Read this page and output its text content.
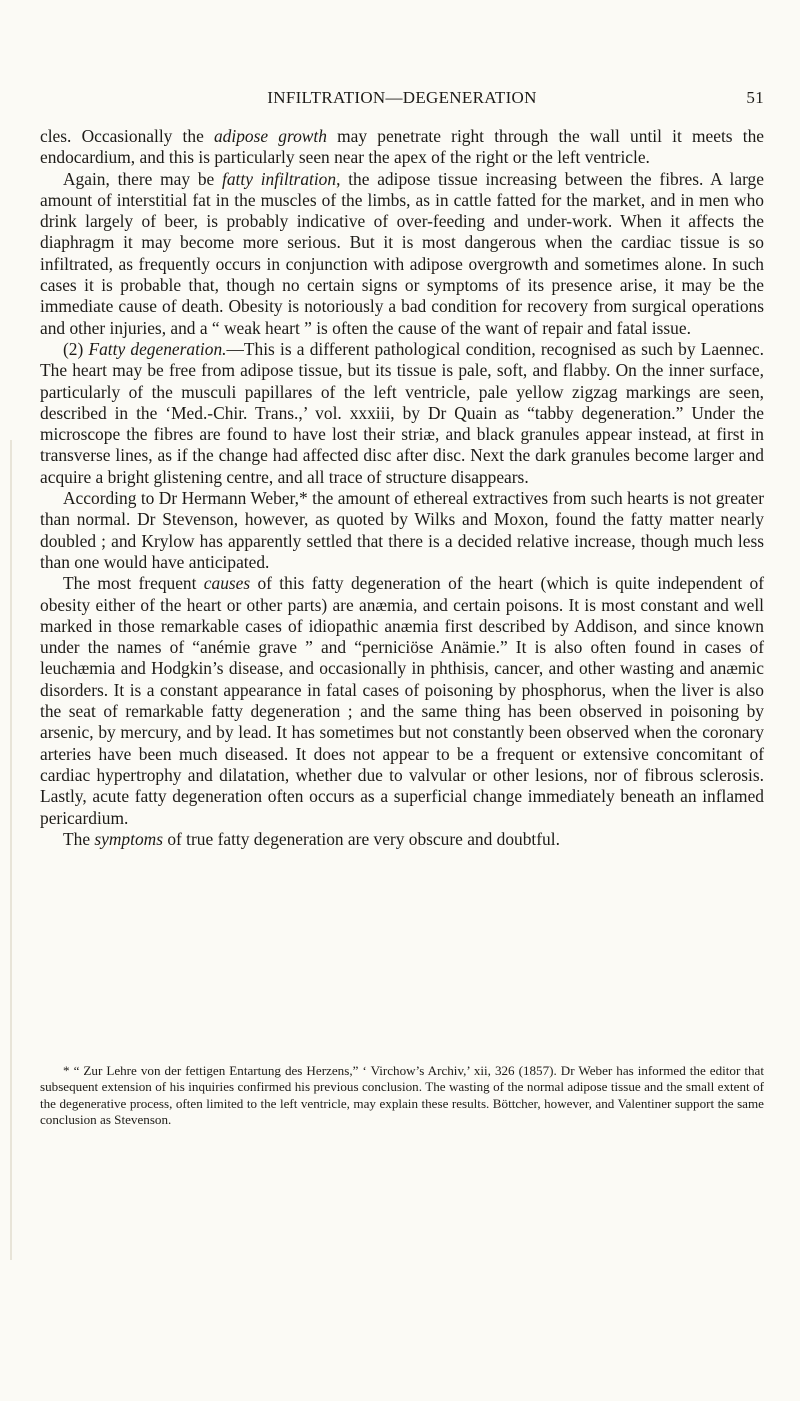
INFILTRATION—DEGENERATION	51

cles. Occasionally the adipose growth may penetrate right through the wall until it meets the endocardium, and this is particularly seen near the apex of the right or the left ventricle.

Again, there may be fatty infiltration, the adipose tissue increasing between the fibres. A large amount of interstitial fat in the muscles of the limbs, as in cattle fatted for the market, and in men who drink largely of beer, is probably indicative of over-feeding and under-work. When it affects the diaphragm it may become more serious. But it is most dangerous when the cardiac tissue is so infiltrated, as frequently occurs in conjunction with adipose overgrowth and sometimes alone. In such cases it is probable that, though no certain signs or symptoms of its presence arise, it may be the immediate cause of death. Obesity is notoriously a bad condition for recovery from surgical operations and other injuries, and a “ weak heart ” is often the cause of the want of repair and fatal issue.

(2) Fatty degeneration.—This is a different pathological condition, recognised as such by Laennec. The heart may be free from adipose tissue, but its tissue is pale, soft, and flabby. On the inner surface, particularly of the musculi papillares of the left ventricle, pale yellow zigzag markings are seen, described in the ‘Med.-Chir. Trans.,’ vol. xxxiii, by Dr Quain as “tabby degeneration.” Under the microscope the fibres are found to have lost their striæ, and black granules appear instead, at first in transverse lines, as if the change had affected disc after disc. Next the dark granules become larger and acquire a bright glistening centre, and all trace of structure disappears.

According to Dr Hermann Weber,* the amount of ethereal extractives from such hearts is not greater than normal. Dr Stevenson, however, as quoted by Wilks and Moxon, found the fatty matter nearly doubled ; and Krylow has apparently settled that there is a decided relative increase, though much less than one would have anticipated.

The most frequent causes of this fatty degeneration of the heart (which is quite independent of obesity either of the heart or other parts) are anæmia, and certain poisons. It is most constant and well marked in those remarkable cases of idiopathic anæmia first described by Addison, and since known under the names of “anémie grave ” and “perniciöse Anämie.” It is also often found in cases of leuchæmia and Hodgkin’s disease, and occasionally in phthisis, cancer, and other wasting and anæmic disorders. It is a constant appearance in fatal cases of poisoning by phosphorus, when the liver is also the seat of remarkable fatty degeneration ; and the same thing has been observed in poisoning by arsenic, by mercury, and by lead. It has sometimes but not constantly been observed when the coronary arteries have been much diseased. It does not appear to be a frequent or extensive concomitant of cardiac hypertrophy and dilatation, whether due to valvular or other lesions, nor of fibrous sclerosis. Lastly, acute fatty degeneration often occurs as a superficial change immediately beneath an inflamed pericardium.

The symptoms of true fatty degeneration are very obscure and doubtful.

* “ Zur Lehre von der fettigen Entartung des Herzens,” ‘ Virchow’s Archiv,’ xii, 326 (1857). Dr Weber has informed the editor that subsequent extension of his inquiries confirmed his previous conclusion. The wasting of the normal adipose tissue and the small extent of the degenerative process, often limited to the left ventricle, may explain these results. Böttcher, however, and Valentiner support the same conclusion as Stevenson.
